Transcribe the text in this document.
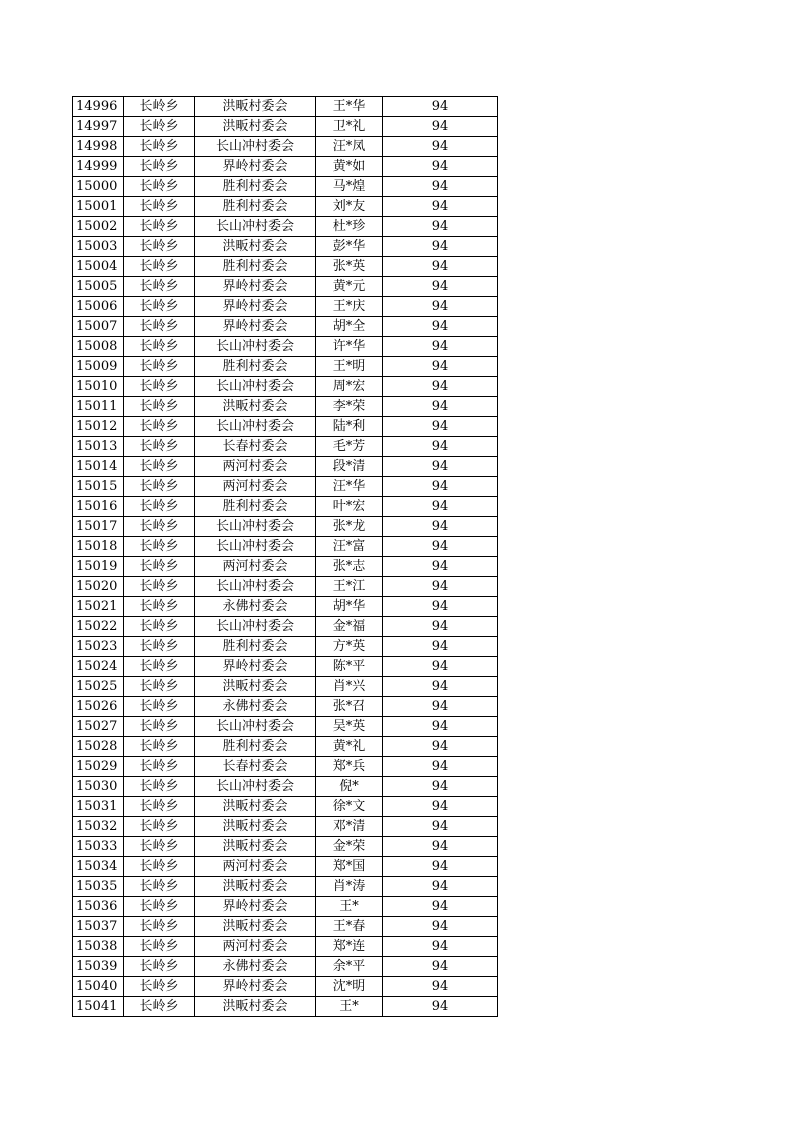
14996	长岭乡	洪畈村委会	王*华	94
14997	长岭乡	洪畈村委会	卫*礼	94
14998	长岭乡	长山冲村委会	汪*凤	94
14999	长岭乡	界岭村委会	黄*如	94
15000	长岭乡	胜利村委会	马*煌	94
15001	长岭乡	胜利村委会	刘*友	94
15002	长岭乡	长山冲村委会	杜*珍	94
15003	长岭乡	洪畈村委会	彭*华	94
15004	长岭乡	胜利村委会	张*英	94
15005	长岭乡	界岭村委会	黄*元	94
15006	长岭乡	界岭村委会	王*庆	94
15007	长岭乡	界岭村委会	胡*全	94
15008	长岭乡	长山冲村委会	许*华	94
15009	长岭乡	胜利村委会	王*明	94
15010	长岭乡	长山冲村委会	周*宏	94
15011	长岭乡	洪畈村委会	李*荣	94
15012	长岭乡	长山冲村委会	陆*利	94
15013	长岭乡	长春村委会	毛*芳	94
15014	长岭乡	两河村委会	段*清	94
15015	长岭乡	两河村委会	汪*华	94
15016	长岭乡	胜利村委会	叶*宏	94
15017	长岭乡	长山冲村委会	张*龙	94
15018	长岭乡	长山冲村委会	汪*富	94
15019	长岭乡	两河村委会	张*志	94
15020	长岭乡	长山冲村委会	王*江	94
15021	长岭乡	永佛村委会	胡*华	94
15022	长岭乡	长山冲村委会	金*福	94
15023	长岭乡	胜利村委会	方*英	94
15024	长岭乡	界岭村委会	陈*平	94
15025	长岭乡	洪畈村委会	肖*兴	94
15026	长岭乡	永佛村委会	张*召	94
15027	长岭乡	长山冲村委会	吴*英	94
15028	长岭乡	胜利村委会	黄*礼	94
15029	长岭乡	长春村委会	郑*兵	94
15030	长岭乡	长山冲村委会	倪*	94
15031	长岭乡	洪畈村委会	徐*文	94
15032	长岭乡	洪畈村委会	邓*清	94
15033	长岭乡	洪畈村委会	金*荣	94
15034	长岭乡	两河村委会	郑*国	94
15035	长岭乡	洪畈村委会	肖*涛	94
15036	长岭乡	界岭村委会	王*	94
15037	长岭乡	洪畈村委会	王*春	94
15038	长岭乡	两河村委会	郑*连	94
15039	长岭乡	永佛村委会	余*平	94
15040	长岭乡	界岭村委会	沈*明	94
15041	长岭乡	洪畈村委会	王*	94
